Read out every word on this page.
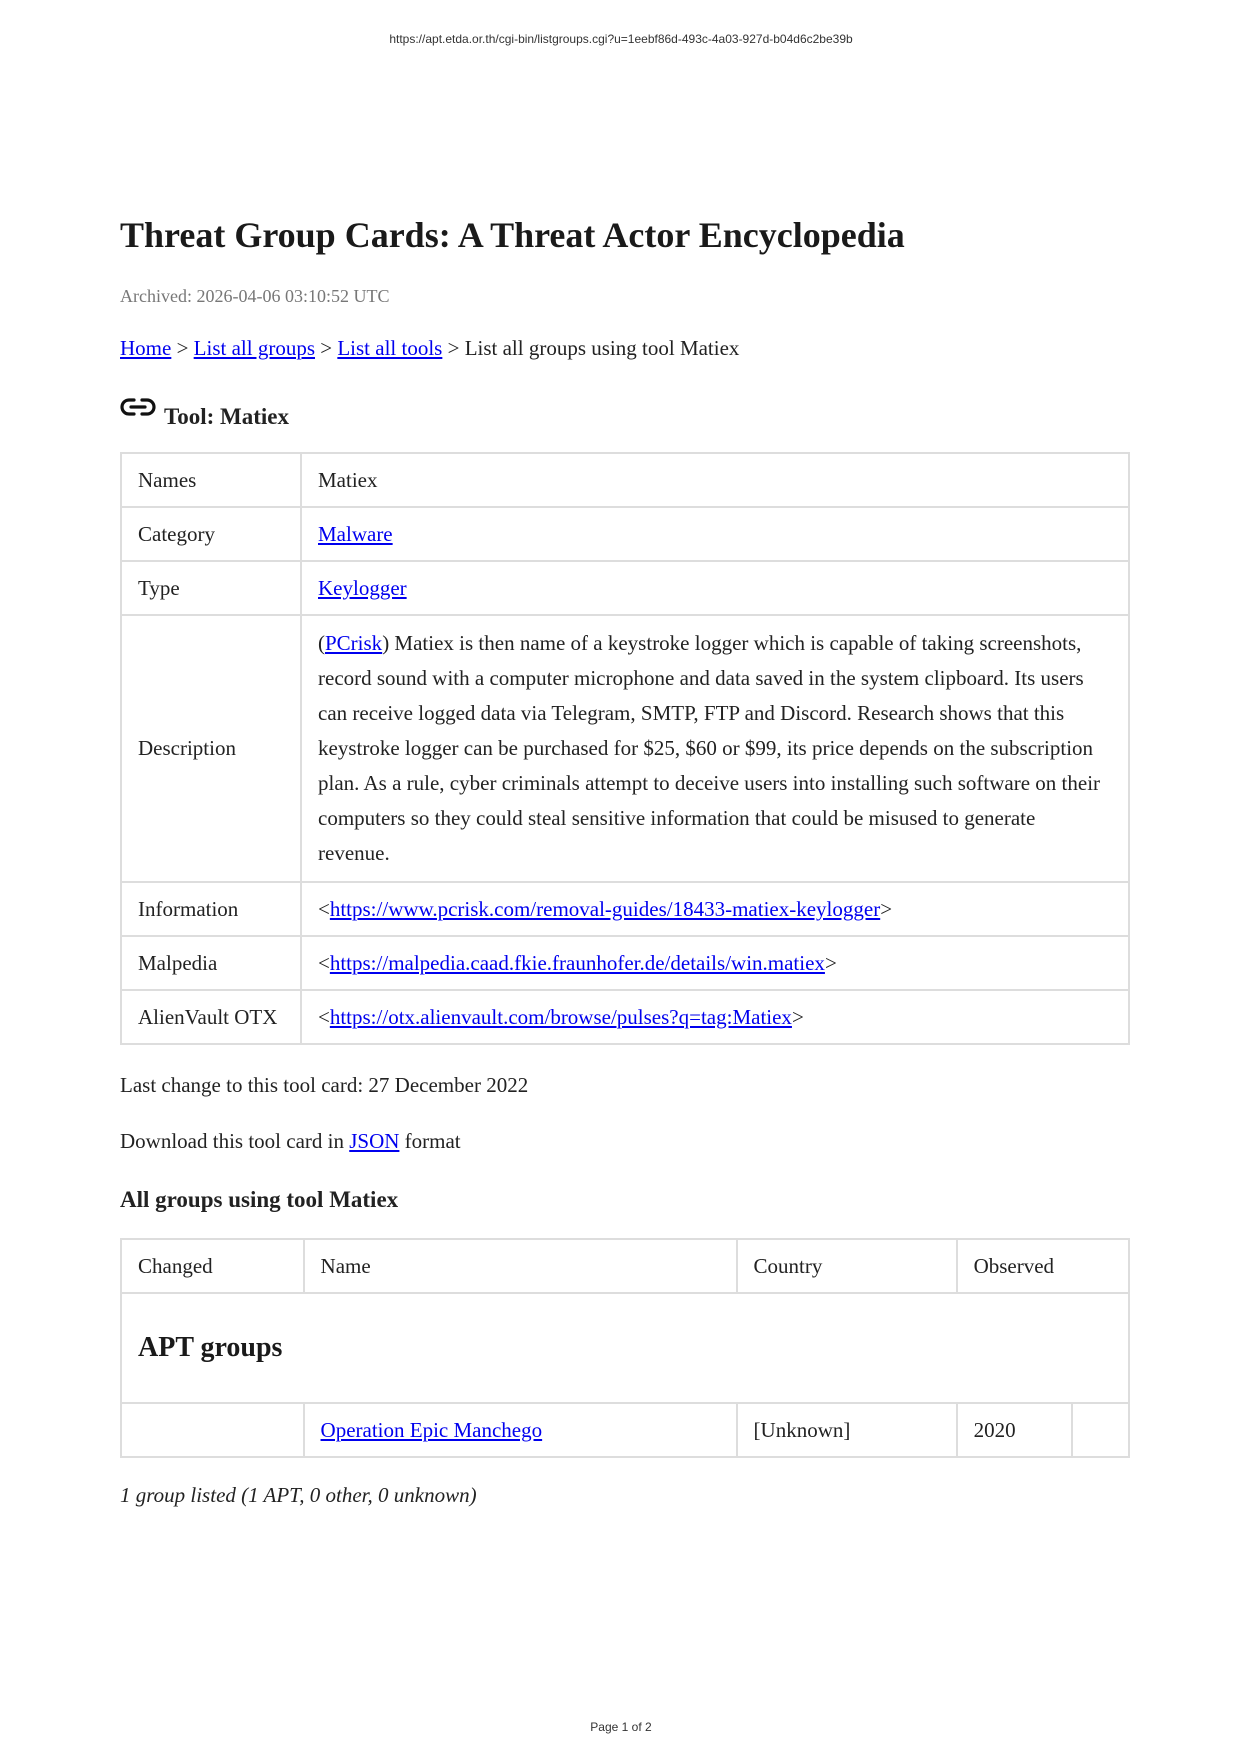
https://apt.etda.or.th/cgi-bin/listgroups.cgi?u=1eebf86d-493c-4a03-927d-b04d6c2be39b
Threat Group Cards: A Threat Actor Encyclopedia
Archived: 2026-04-06 03:10:52 UTC
Home > List all groups > List all tools > List all groups using tool Matiex
Tool: Matiex
Names	Matiex
Category	Malware
Type	Keylogger
Description	(PCrisk) Matiex is then name of a keystroke logger which is capable of taking screenshots, record sound with a computer microphone and data saved in the system clipboard. Its users can receive logged data via Telegram, SMTP, FTP and Discord. Research shows that this keystroke logger can be purchased for $25, $60 or $99, its price depends on the subscription plan. As a rule, cyber criminals attempt to deceive users into installing such software on their computers so they could steal sensitive information that could be misused to generate revenue.
Information	<https://www.pcrisk.com/removal-guides/18433-matiex-keylogger>
Malpedia	<https://malpedia.caad.fkie.fraunhofer.de/details/win.matiex>
AlienVault OTX	<https://otx.alienvault.com/browse/pulses?q=tag:Matiex>
Last change to this tool card: 27 December 2022
Download this tool card in JSON format
All groups using tool Matiex
Changed	Name	Country	Observed	
APT groups				
	Operation Epic Manchego	[Unknown]	2020	
1 group listed (1 APT, 0 other, 0 unknown)
Page 1 of 2
